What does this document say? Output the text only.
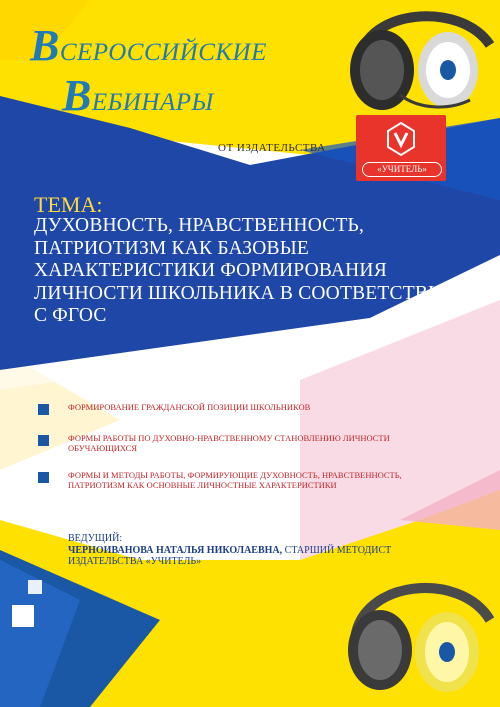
ВСЕРОССИЙСКИЕ
ВЕБИНАРЫ
ОТ ИЗДАТЕЛЬСТВА
«УЧИТЕЛЬ»
ТЕМА:
ДУХОВНОСТЬ, НРАВСТВЕННОСТЬ, ПАТРИОТИЗМ КАК БАЗОВЫЕ ХАРАКТЕРИСТИКИ ФОРМИРОВАНИЯ ЛИЧНОСТИ ШКОЛЬНИКА В СООТВЕТСТВИИ С ФГОС
ФОРМИРОВАНИЕ ГРАЖДАНСКОЙ ПОЗИЦИИ ШКОЛЬНИКОВ
ФОРМЫ РАБОТЫ ПО ДУХОВНО-НРАВСТВЕННОМУ СТАНОВЛЕНИЮ ЛИЧНОСТИ ОБУЧАЮЩИХСЯ
ФОРМЫ И МЕТОДЫ РАБОТЫ, ФОРМИРУЮЩИЕ ДУХОВНОСТЬ, НРАВСТВЕННОСТЬ, ПАТРИОТИЗМ КАК ОСНОВНЫЕ ЛИЧНОСТНЫЕ ХАРАКТЕРИСТИКИ
ВЕДУЩИЙ:
ЧЕРНОИВАНОВА НАТАЛЬЯ НИКОЛАЕВНА, СТАРШИЙ МЕТОДИСТ ИЗДАТЕЛЬСТВА «УЧИТЕЛЬ»
